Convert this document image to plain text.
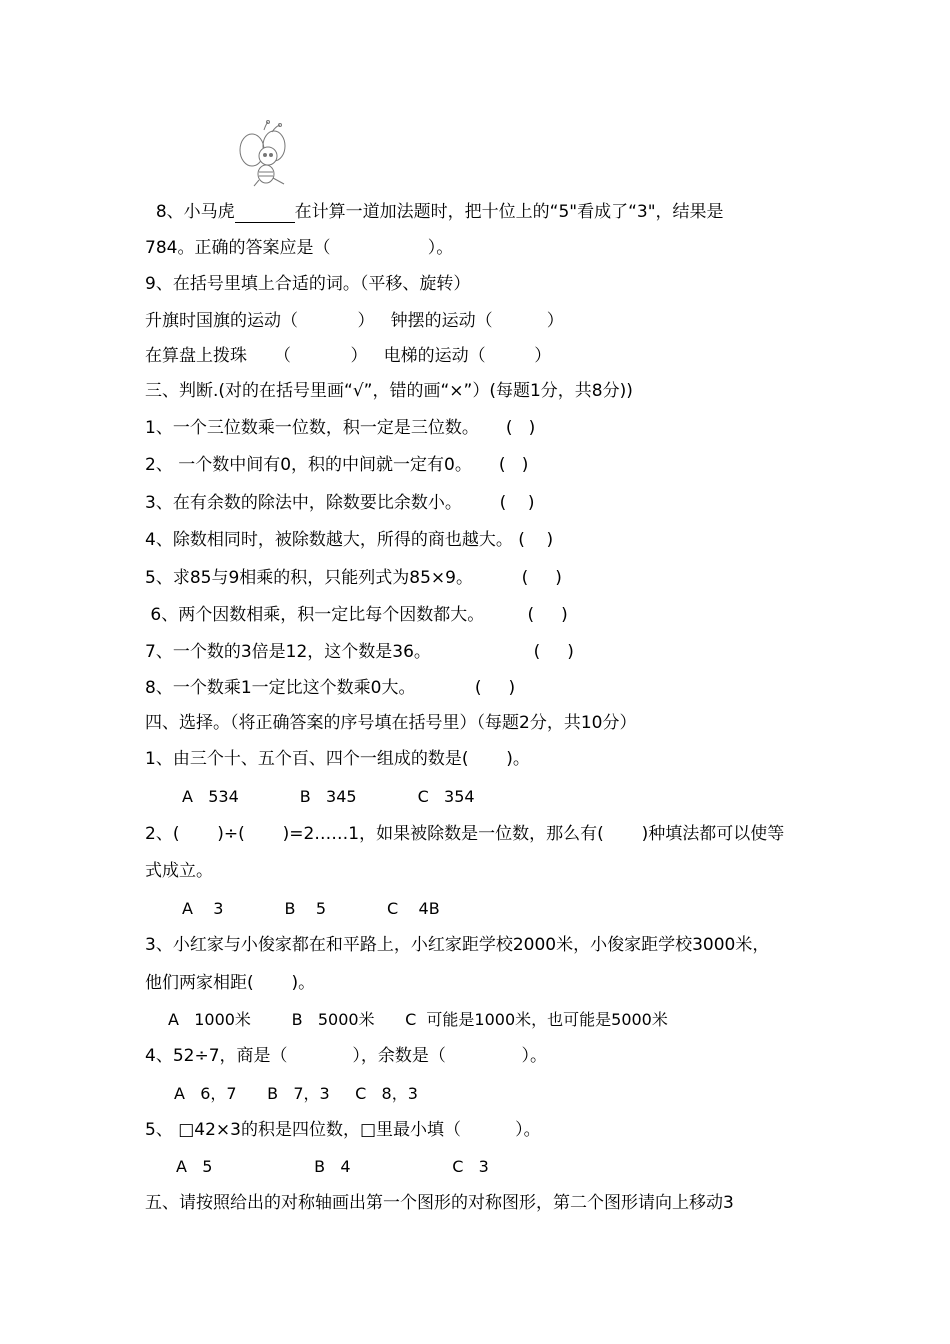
8、小马虎	在计算一道加法题时，把十位上的“5"看成了“3"，结果是

784。正确的答案应是（                  ）。
9、在括号里填上合适的词。（平移、旋转）
升旗时国旗的运动（           ）   钟摆的运动（          ）
在算盘上拨珠     （           ）   电梯的运动（         ）
三、判断.(对的在括号里画“√”，错的画“×”）(每题1分，共8分))
1、一个三位数乘一位数，积一定是三位数。     (   )
2、 一个数中间有0，积的中间就一定有0。     (   )
3、在有余数的除法中，除数要比余数小。       (    )
4、除数相同时，被除数越大，所得的商也越大。 (    )
5、求85与9相乘的积，只能列式为85×9。         (     )
6、两个因数相乘，积一定比每个因数都大。        (     )
7、一个数的3倍是12，这个数是36。                   (     )
8、一个数乘1一定比这个数乘0大。           (     )
四、选择。（将正确答案的序号填在括号里）（每题2分，共10分）
1、由三个十、五个百、四个一组成的数是(       )。
A   534            B   345            C   354
2、(       )÷(       )=2……1，如果被除数是一位数，那么有(       )种填法都可以使等
式成立。
A    3            B    5            C    4B
3、小红家与小俊家都在和平路上，小红家距学校2000米，小俊家距学校3000米，
他们两家相距(       )。
A   1000米        B   5000米      C  可能是1000米，也可能是5000米
4、52÷7，商是（            ），余数是（              ）。
A   6，7      B   7，3     C   8，3
5、 □42×3的积是四位数，□里最小填（          ）。
A   5                    B   4                    C   3
五、请按照给出的对称轴画出第一个图形的对称图形，第二个图形请向上移动3
